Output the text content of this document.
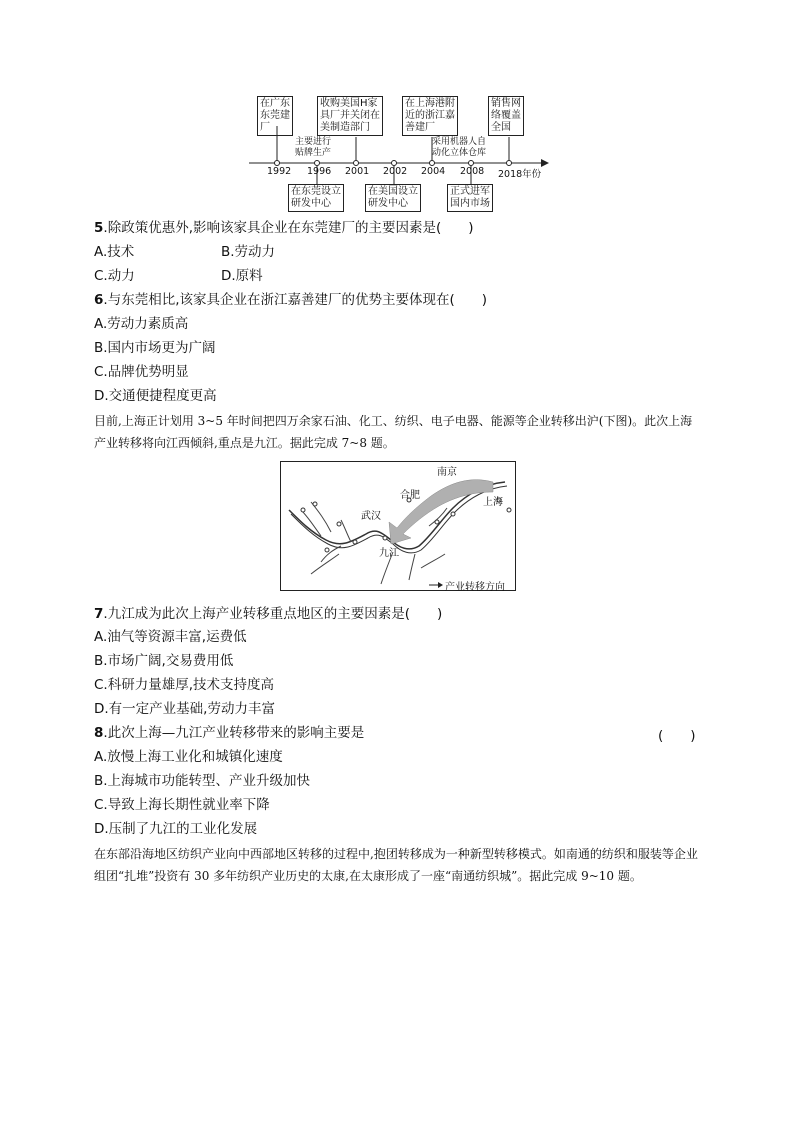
在广东
东莞建
厂
收购美国H家
具厂并关闭在
美制造部门
在上海港附
近的浙江嘉
善建厂
销售网
络覆盖
全国
主要进行
贴牌生产
采用机器人自
动化立体仓库
1992 1996 2001 2002 2004 2008 2018年份
在东莞设立
研发中心
在美国设立
研发中心
正式进军
国内市场
5.除政策优惠外,影响该家具企业在东莞建厂的主要因素是(　　)
A.技术	B.劳动力
C.动力	D.原料
6.与东莞相比,该家具企业在浙江嘉善建厂的优势主要体现在(　　)
A.劳动力素质高
B.国内市场更为广阔
C.品牌优势明显
D.交通便捷程度更高
目前,上海正计划用 3~5 年时间把四万余家石油、化工、纺织、电子电器、能源等企业转移出沪(下图)。此次上海产业转移将向江西倾斜,重点是九江。据此完成 7~8 题。
南京
合肥
上海
武汉
九江
产业转移方向
7.九江成为此次上海产业转移重点地区的主要因素是(　　)
A.油气等资源丰富,运费低
B.市场广阔,交易费用低
C.科研力量雄厚,技术支持度高
D.有一定产业基础,劳动力丰富
8.此次上海—九江产业转移带来的影响主要是	(　　)
A.放慢上海工业化和城镇化速度
B.上海城市功能转型、产业升级加快
C.导致上海长期性就业率下降
D.压制了九江的工业化发展
在东部沿海地区纺织产业向中西部地区转移的过程中,抱团转移成为一种新型转移模式。如南通的纺织和服装等企业组团“扎堆”投资有 30 多年纺织产业历史的太康,在太康形成了一座“南通纺织城”。据此完成 9~10 题。
